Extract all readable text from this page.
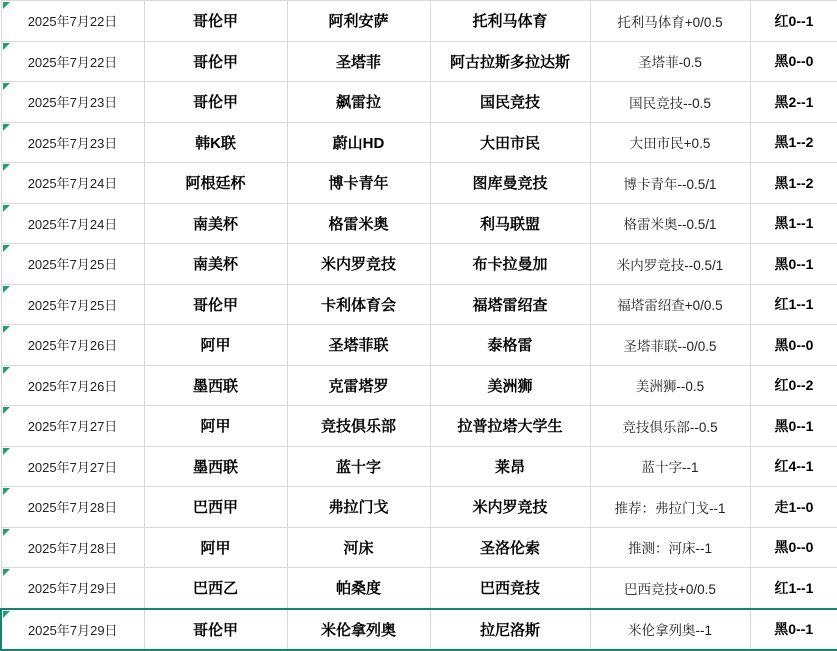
2025年7月22日	哥伦甲	阿利安萨	托利马体育	托利马体育+0/0.5	红0--1
2025年7月22日	哥伦甲	圣塔菲	阿古拉斯多拉达斯	圣塔菲-0.5	黑0--0
2025年7月23日	哥伦甲	飙雷拉	国民竞技	国民竞技--0.5	黑2--1
2025年7月23日	韩K联	蔚山HD	大田市民	大田市民+0.5	黑1--2
2025年7月24日	阿根廷杯	博卡青年	图库曼竞技	博卡青年--0.5/1	黑1--2
2025年7月24日	南美杯	格雷米奥	利马联盟	格雷米奥--0.5/1	黑1--1
2025年7月25日	南美杯	米内罗竞技	布卡拉曼加	米内罗竞技--0.5/1	黑0--1
2025年7月25日	哥伦甲	卡利体育会	福塔雷绍查	福塔雷绍查+0/0.5	红1--1
2025年7月26日	阿甲	圣塔菲联	泰格雷	圣塔菲联--0/0.5	黑0--0
2025年7月26日	墨西联	克雷塔罗	美洲狮	美洲狮--0.5	红0--2
2025年7月27日	阿甲	竞技俱乐部	拉普拉塔大学生	竞技俱乐部--0.5	黑0--1
2025年7月27日	墨西联	蓝十字	莱昂	蓝十字--1	红4--1
2025年7月28日	巴西甲	弗拉门戈	米内罗竞技	推荐：弗拉门戈--1	走1--0
2025年7月28日	阿甲	河床	圣洛伦索	推测：河床--1	黑0--0
2025年7月29日	巴西乙	帕桑度	巴西竞技	巴西竞技+0/0.5	红1--1
2025年7月29日	哥伦甲	米伦拿列奥	拉尼洛斯	米伦拿列奥--1	黑0--1
